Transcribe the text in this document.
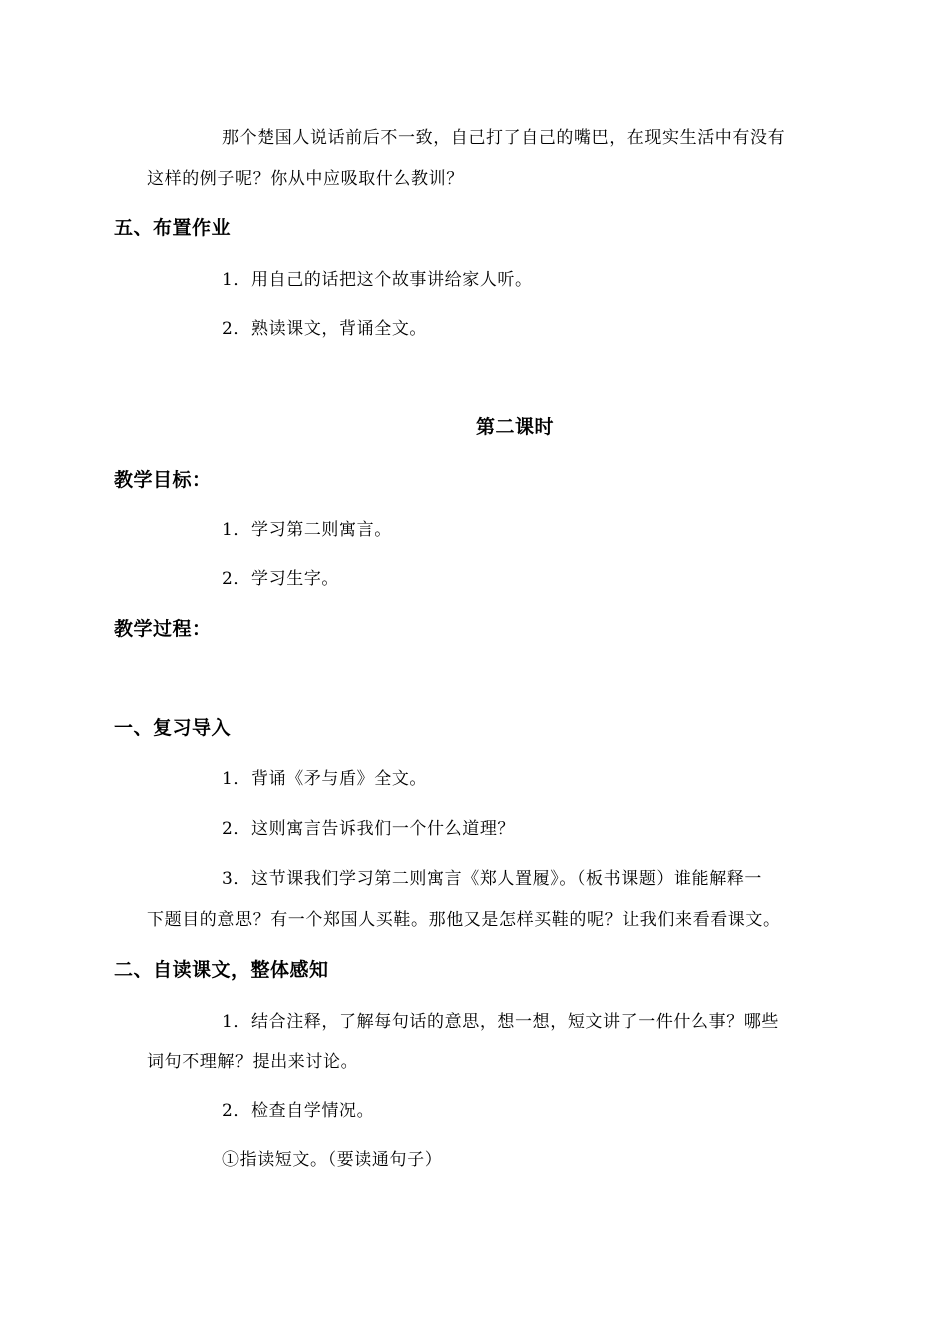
那个楚国人说话前后不一致，自己打了自己的嘴巴，在现实生活中有没有
这样的例子呢？你从中应吸取什么教训？
五、布置作业
1．用自己的话把这个故事讲给家人听。
2．熟读课文，背诵全文。
第二课时
教学目标：
1．学习第二则寓言。
2．学习生字。
教学过程：
一、复习导入
1．背诵《矛与盾》全文。
2．这则寓言告诉我们一个什么道理？
3．这节课我们学习第二则寓言《郑人置履》。（板书课题）谁能解释一
下题目的意思？有一个郑国人买鞋。那他又是怎样买鞋的呢？让我们来看看课文。
二、自读课文，整体感知
1．结合注释，了解每句话的意思，想一想，短文讲了一件什么事？哪些
词句不理解？提出来讨论。
2．检查自学情况。
①指读短文。（要读通句子）
